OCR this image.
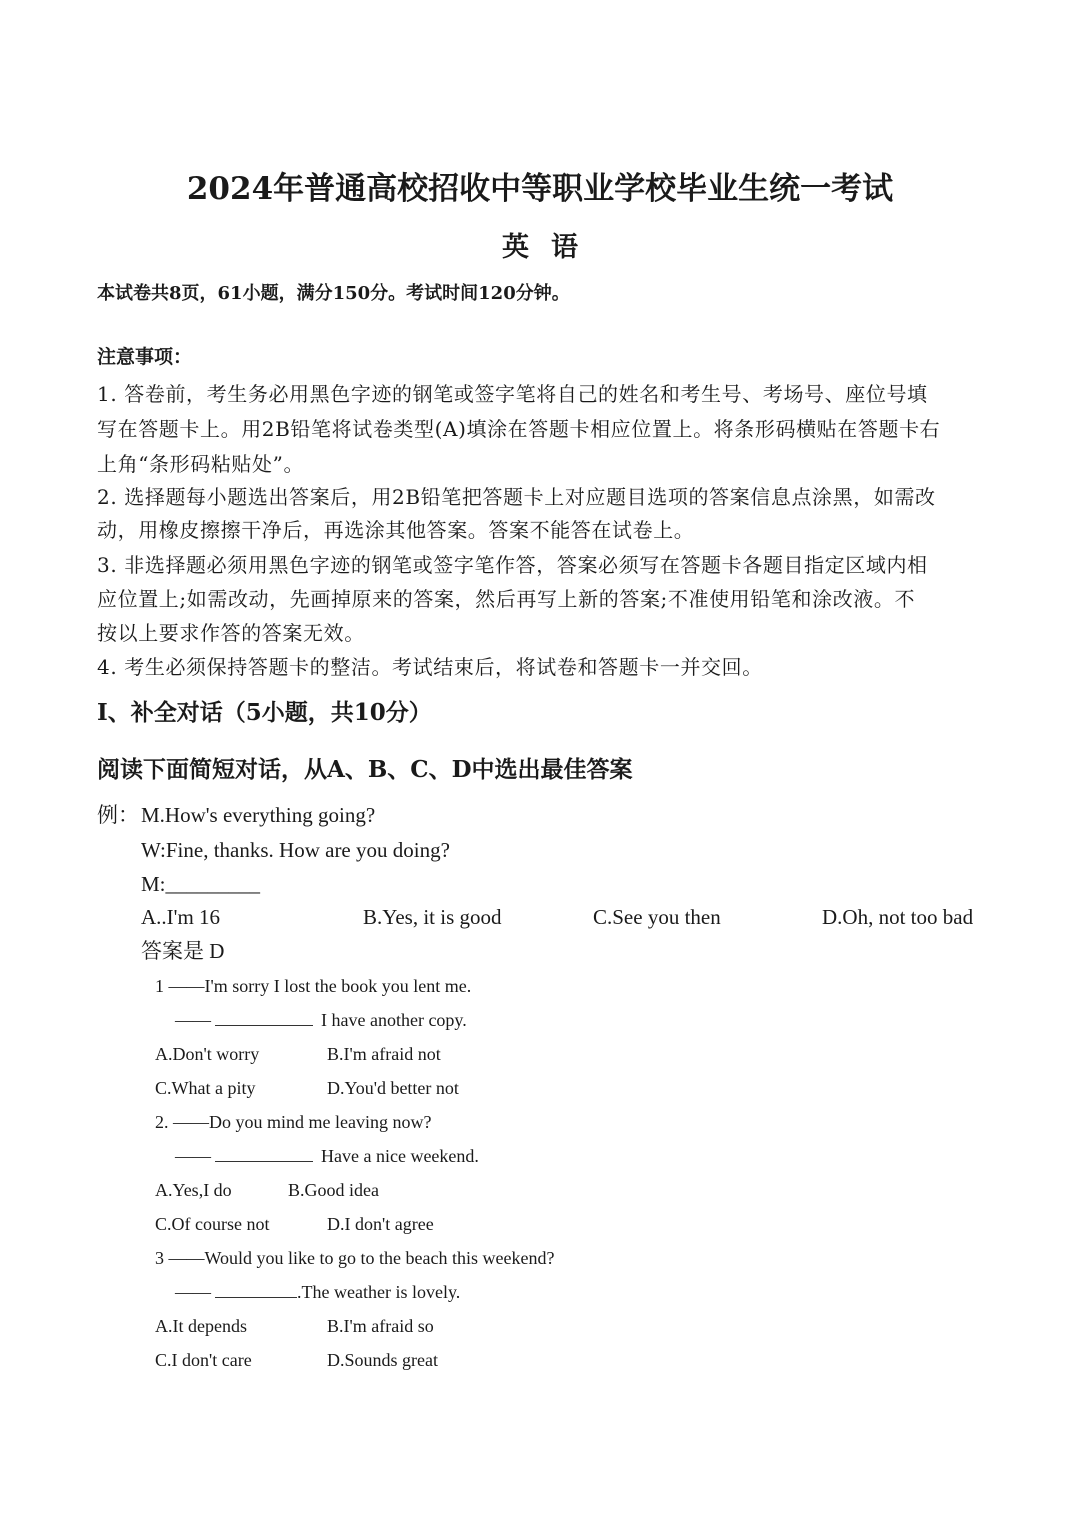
2024年普通高校招收中等职业学校毕业生统一考试
英语
本试卷共8页，61小题，满分150分。考试时间120分钟。
注意事项：
1. 答卷前，考生务必用黑色字迹的钢笔或签字笔将自己的姓名和考生号、考场号、座位号填
写在答题卡上。用2B铅笔将试卷类型(A)填涂在答题卡相应位置上。将条形码横贴在答题卡右
上角“条形码粘贴处”。
2. 选择题每小题选出答案后，用2B铅笔把答题卡上对应题目选项的答案信息点涂黑，如需改
动，用橡皮擦擦干净后，再选涂其他答案。答案不能答在试卷上。
3. 非选择题必须用黑色字迹的钢笔或签字笔作答，答案必须写在答题卡各题目指定区域内相
应位置上;如需改动，先画掉原来的答案，然后再写上新的答案;不准使用铅笔和涂改液。不
按以上要求作答的答案无效。
4. 考生必须保持答题卡的整洁。考试结束后，将试卷和答题卡一并交回。
I、补全对话（5小题，共10分）
阅读下面简短对话，从A、B、C、D中选出最佳答案
例： M.How's everything going?
W:Fine, thanks. How are you doing?
M:_________
A..I'm 16	B.Yes, it is good	C.See you then	D.Oh, not too bad
答案是 D
1 ——I'm sorry I lost the book you lent me.
——	I have another copy.
A.Don't worry	B.I'm afraid not
C.What a pity	D.You'd better not
2. ——Do you mind me leaving now?
——	Have a nice weekend.
A.Yes,I do	B.Good idea
C.Of course not	D.I don't agree
3 ——Would you like to go to the beach this weekend?
——	.The weather is lovely.
A.It depends	B.I'm afraid so
C.I don't care	D.Sounds great
